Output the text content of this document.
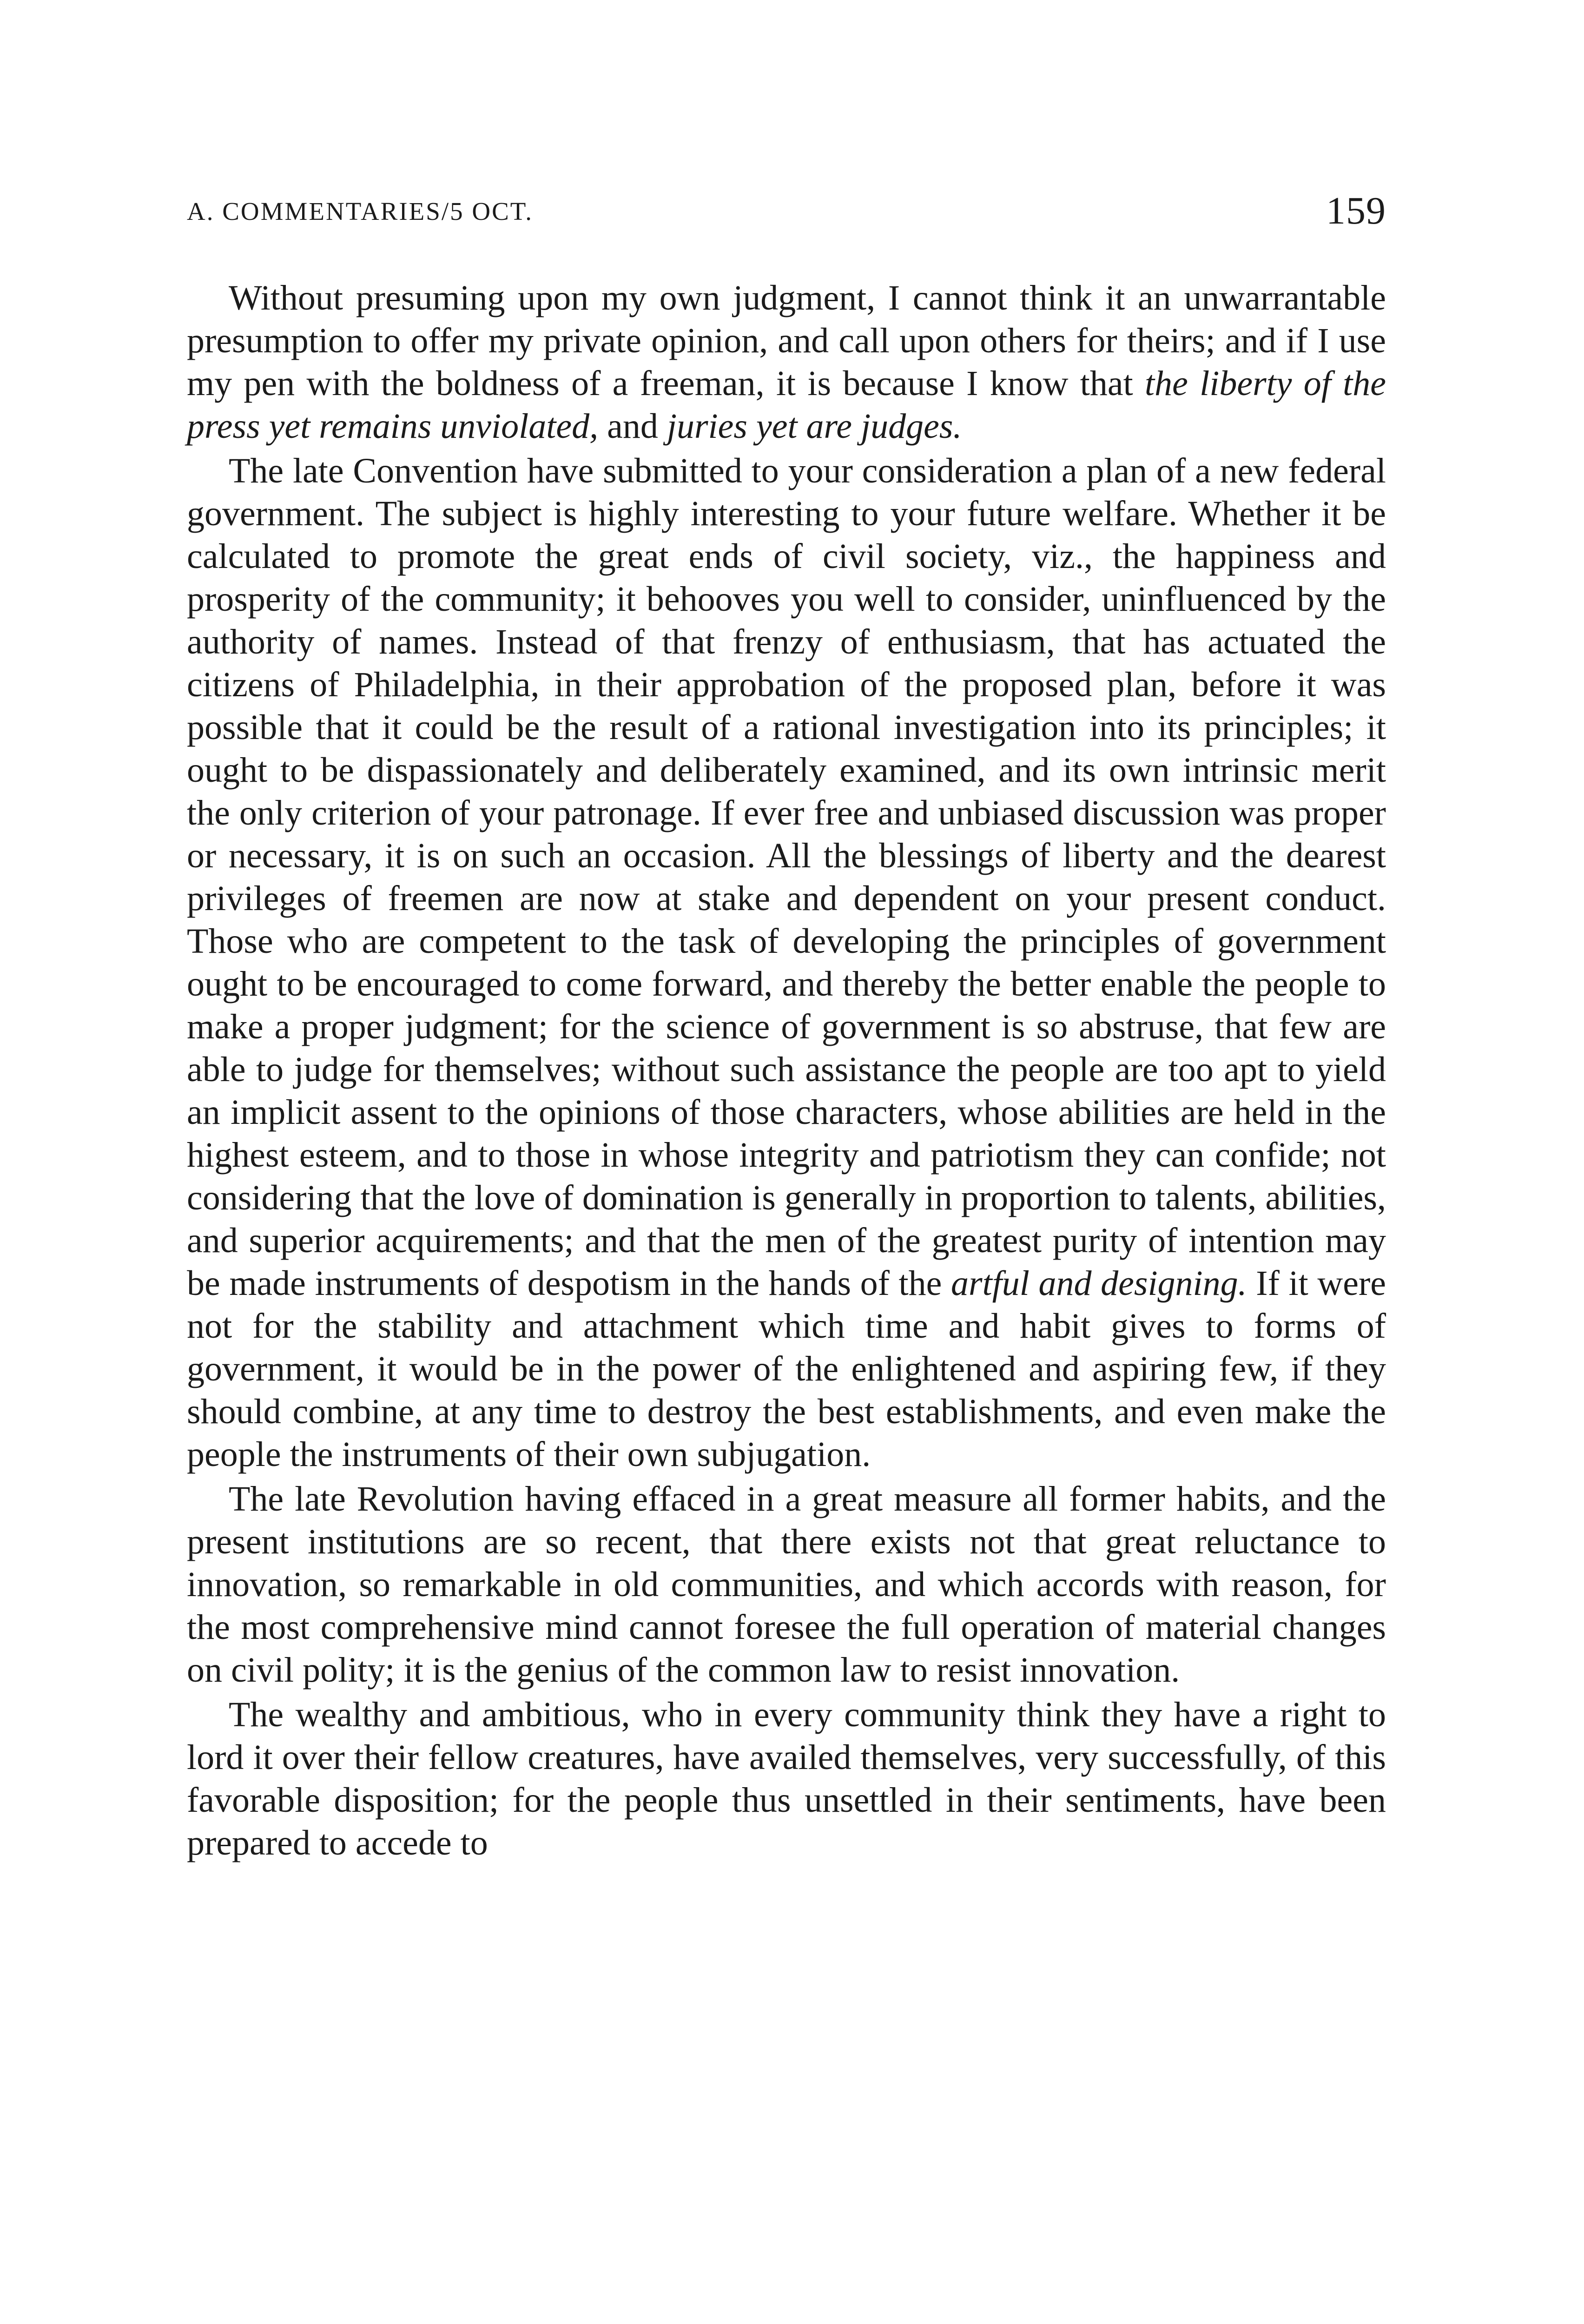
A. COMMENTARIES/5 OCT.	159

Without presuming upon my own judgment, I cannot think it an unwarrantable presumption to offer my private opinion, and call upon others for theirs; and if I use my pen with the boldness of a freeman, it is because I know that the liberty of the press yet remains unviolated, and juries yet are judges.

The late Convention have submitted to your consideration a plan of a new federal government. The subject is highly interesting to your future welfare. Whether it be calculated to promote the great ends of civil society, viz., the happiness and prosperity of the community; it behooves you well to consider, uninfluenced by the authority of names. Instead of that frenzy of enthusiasm, that has actuated the citizens of Philadelphia, in their approbation of the proposed plan, before it was possible that it could be the result of a rational investigation into its principles; it ought to be dispassionately and deliberately examined, and its own intrinsic merit the only criterion of your patronage. If ever free and unbiased discussion was proper or necessary, it is on such an occasion. All the blessings of liberty and the dearest privileges of freemen are now at stake and dependent on your present conduct. Those who are competent to the task of developing the principles of government ought to be encouraged to come forward, and thereby the better enable the people to make a proper judgment; for the science of government is so abstruse, that few are able to judge for themselves; without such assistance the people are too apt to yield an implicit assent to the opinions of those characters, whose abilities are held in the highest esteem, and to those in whose integrity and patriotism they can confide; not considering that the love of domination is generally in proportion to talents, abilities, and superior acquirements; and that the men of the greatest purity of intention may be made instruments of despotism in the hands of the artful and designing. If it were not for the stability and attachment which time and habit gives to forms of government, it would be in the power of the enlightened and aspiring few, if they should combine, at any time to destroy the best establishments, and even make the people the instruments of their own subjugation.

The late Revolution having effaced in a great measure all former habits, and the present institutions are so recent, that there exists not that great reluctance to innovation, so remarkable in old communities, and which accords with reason, for the most comprehensive mind cannot foresee the full operation of material changes on civil polity; it is the genius of the common law to resist innovation.

The wealthy and ambitious, who in every community think they have a right to lord it over their fellow creatures, have availed themselves, very successfully, of this favorable disposition; for the people thus unsettled in their sentiments, have been prepared to accede to
